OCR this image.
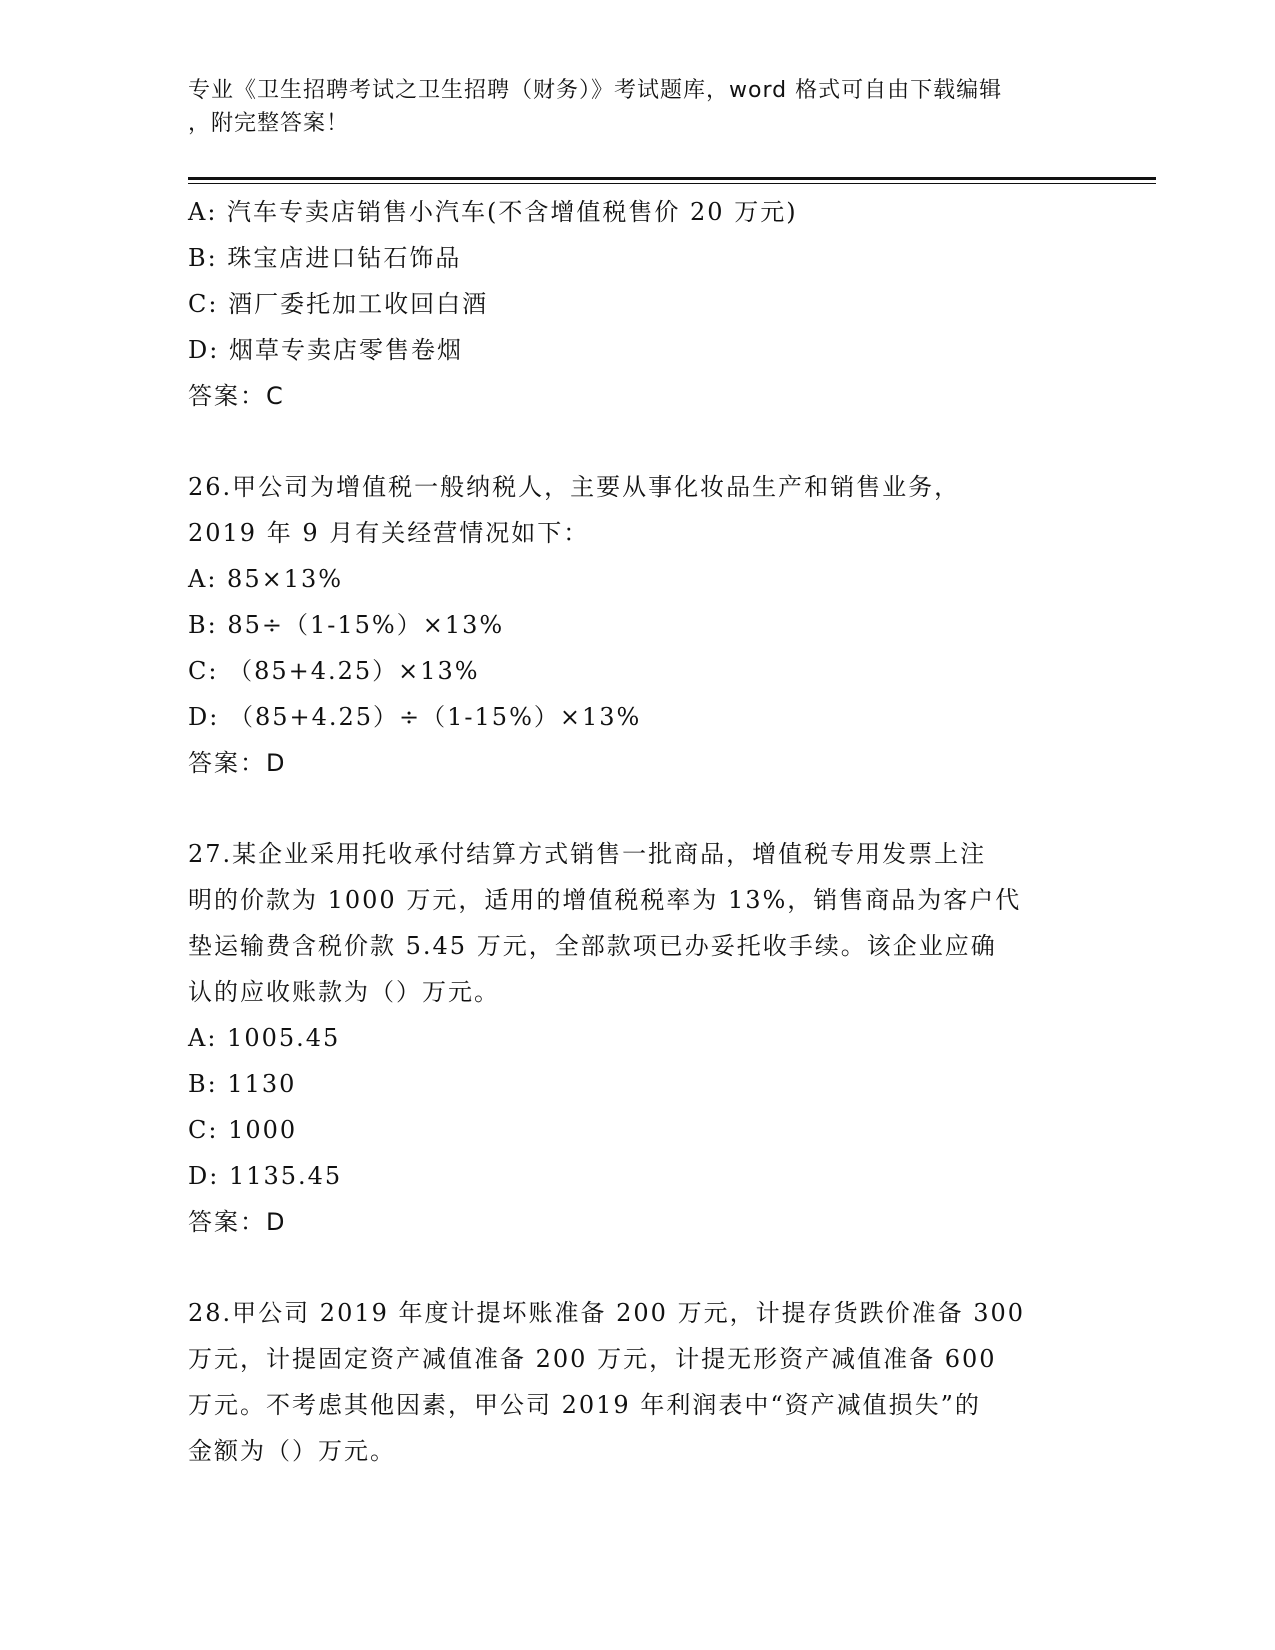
专业《卫生招聘考试之卫生招聘（财务）》考试题库，word 格式可自由下载编辑
，附完整答案！
A: 汽车专卖店销售小汽车(不含增值税售价 20 万元)
B: 珠宝店进口钻石饰品
C: 酒厂委托加工收回白酒
D: 烟草专卖店零售卷烟
答案：C
26.甲公司为增值税一般纳税人，主要从事化妆品生产和销售业务，
2019 年 9 月有关经营情况如下：
A: 85×13%
B: 85÷（1-15%）×13%
C: （85+4.25）×13%
D: （85+4.25）÷（1-15%）×13%
答案：D
27.某企业采用托收承付结算方式销售一批商品，增值税专用发票上注
明的价款为 1000 万元，适用的增值税税率为 13%，销售商品为客户代
垫运输费含税价款 5.45 万元，全部款项已办妥托收手续。该企业应确
认的应收账款为（）万元。
A: 1005.45
B: 1130
C: 1000
D: 1135.45
答案：D
28.甲公司 2019 年度计提坏账准备 200 万元，计提存货跌价准备 300
万元，计提固定资产减值准备 200 万元，计提无形资产减值准备 600
万元。不考虑其他因素，甲公司 2019 年利润表中“资产减值损失”的
金额为（）万元。
